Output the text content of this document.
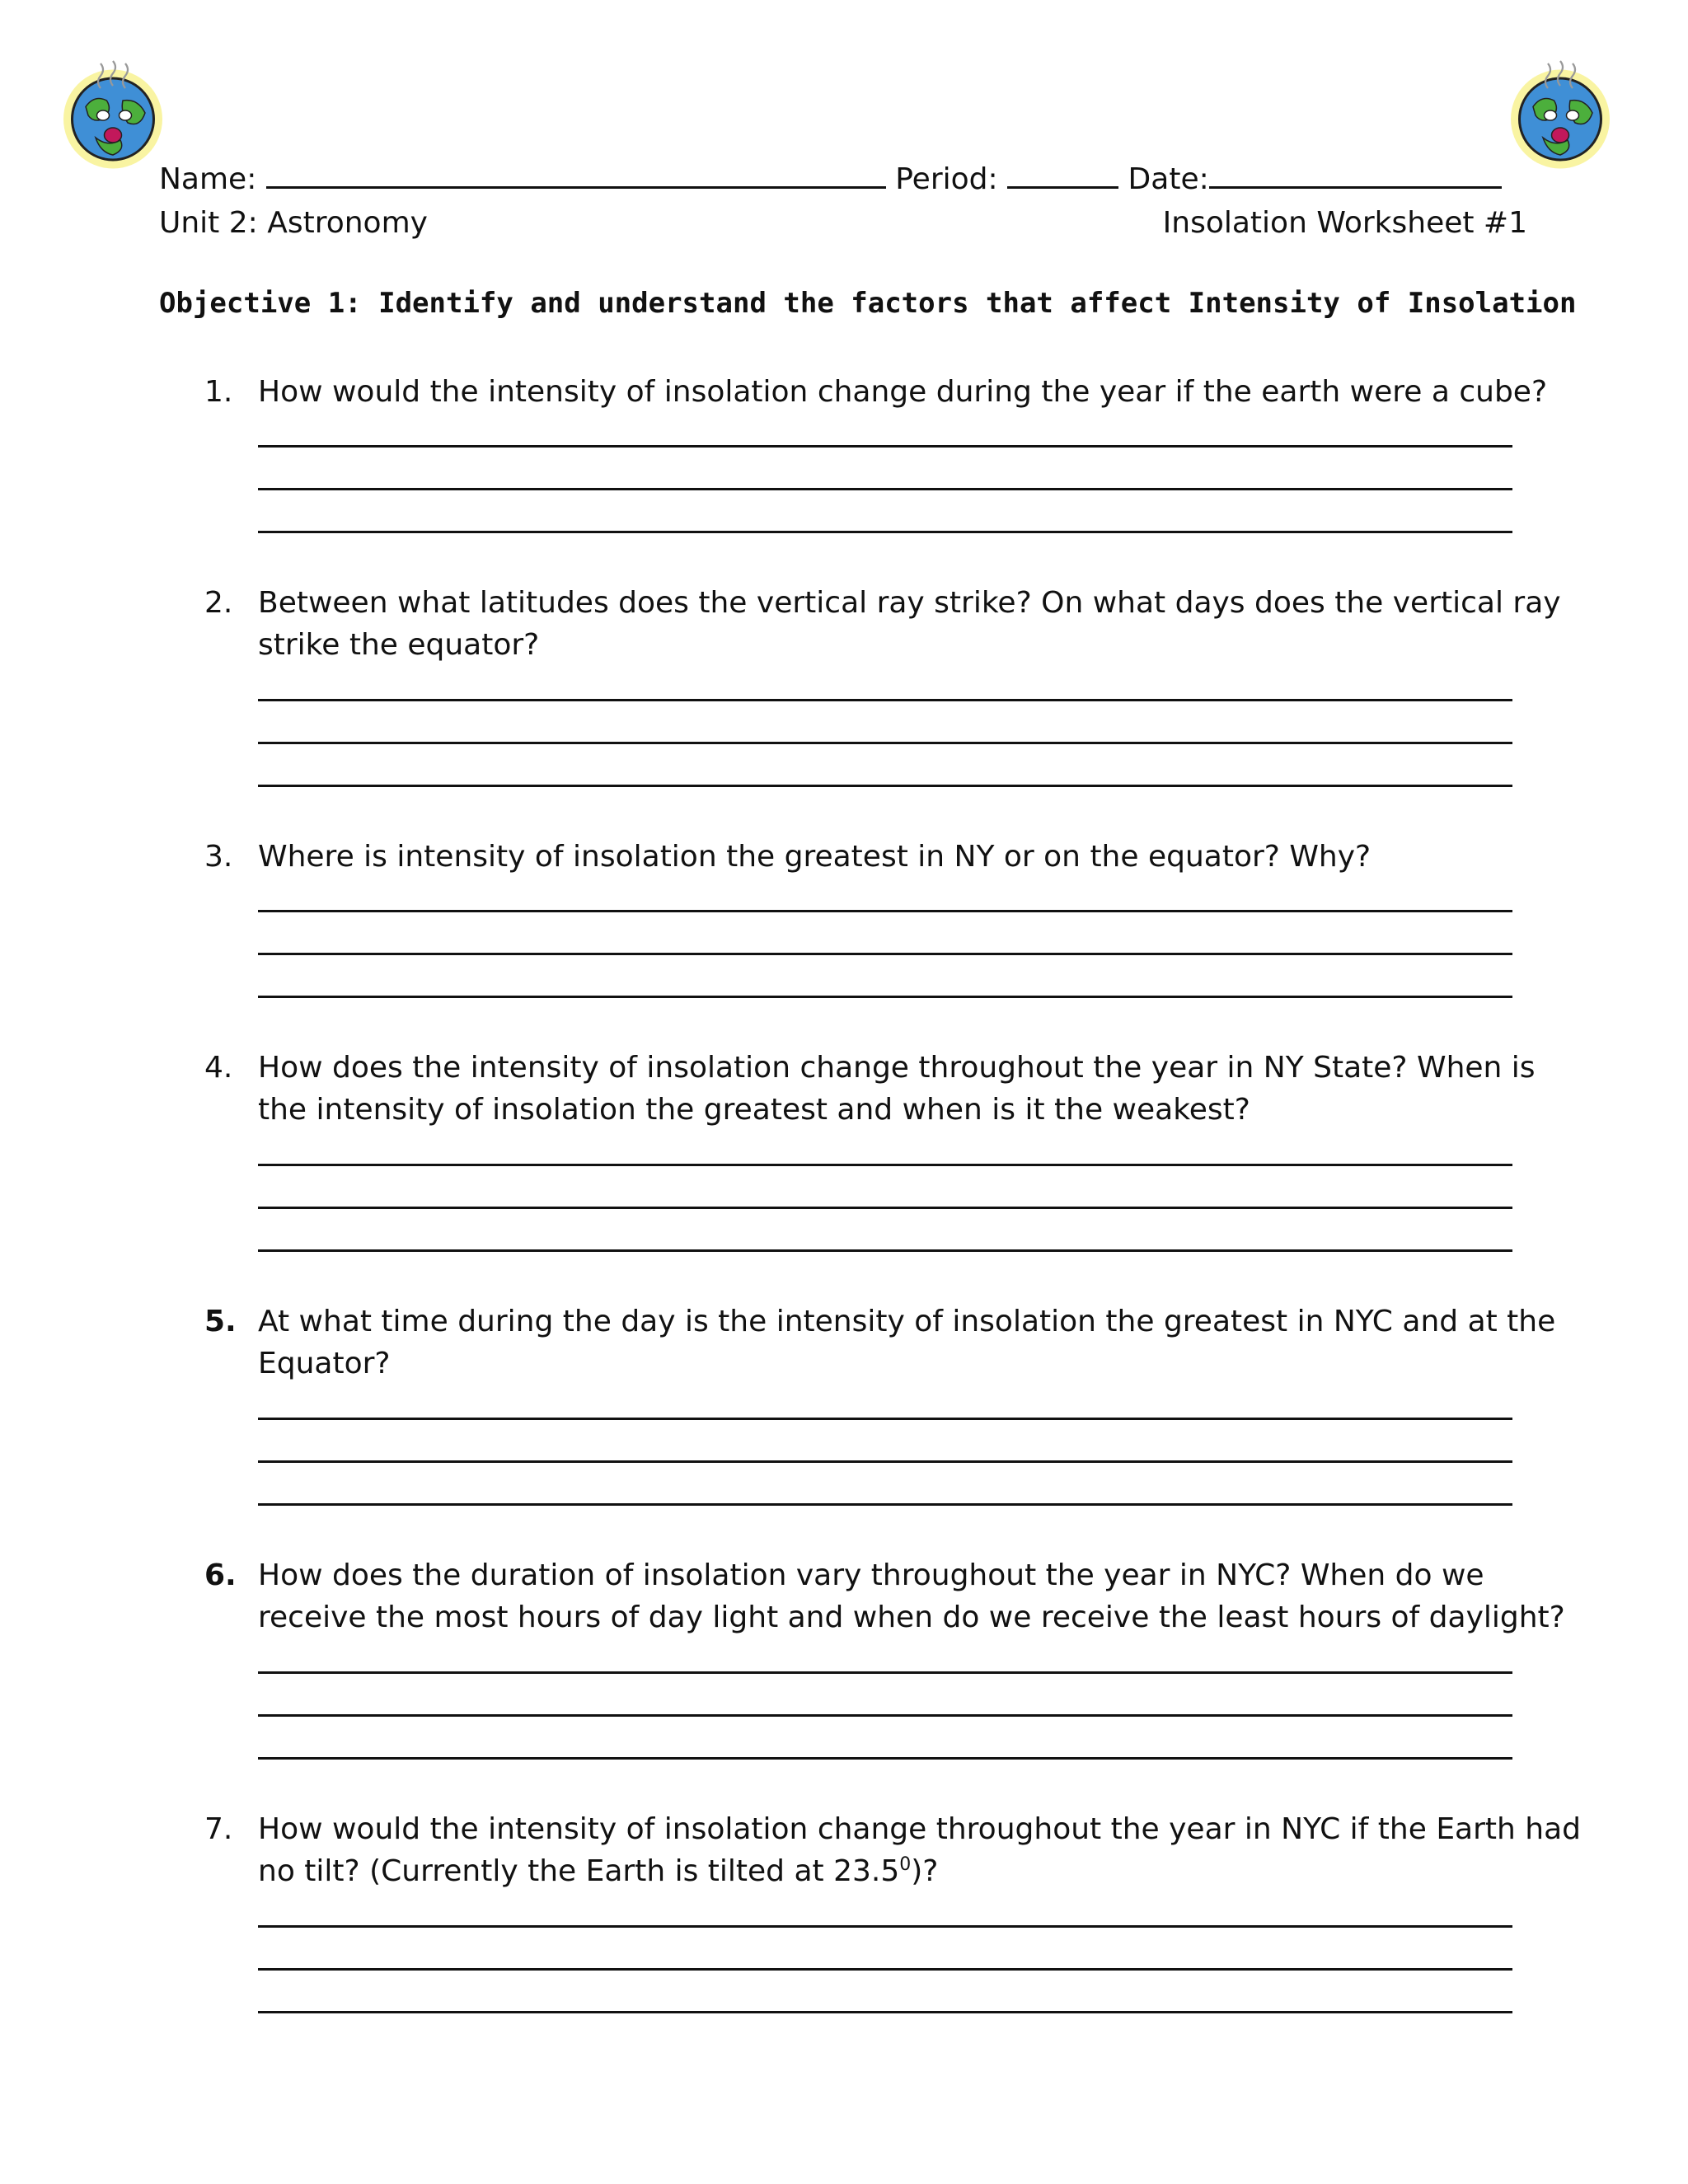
Name:	Period:	Date:
Unit 2: Astronomy	Insolation Worksheet #1
Objective 1: Identify and understand the factors that affect Intensity of Insolation
1. How would the intensity of insolation change during the year if the earth were a cube?
2. Between what latitudes does the vertical ray strike? On what days does the vertical ray
strike the equator?
3. Where is intensity of insolation the greatest in NY or on the equator? Why?
4. How does the intensity of insolation change throughout the year in NY State? When is
the intensity of insolation the greatest and when is it the weakest?
5. At what time during the day is the intensity of insolation the greatest in NYC and at the
Equator?
6. How does the duration of insolation vary throughout the year in NYC? When do we
receive the most hours of day light and when do we receive the least hours of daylight?
7. How would the intensity of insolation change throughout the year in NYC if the Earth had
no tilt? (Currently the Earth is tilted at 23.5$^0$)?
